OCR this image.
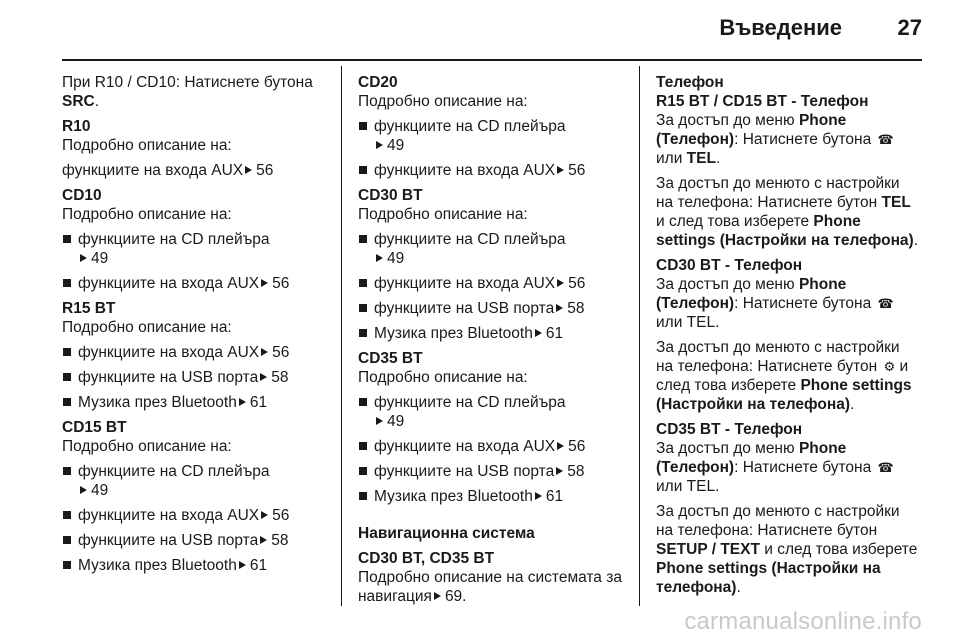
Въведение	27
При R10 / CD10: Натиснете бутона SRC.
R10
Подробно описание на:
функциите на входа AUX 56
CD10
Подробно описание на:
функциите на CD плейъра
49
функциите на входа AUX 56
R15 BT
Подробно описание на:
функциите на входа AUX 56
функциите на USB порта 58
Музика през Bluetooth 61
CD15 BT
Подробно описание на:
функциите на CD плейъра
49
функциите на входа AUX 56
функциите на USB порта 58
Музика през Bluetooth 61
CD20
Подробно описание на:
функциите на CD плейъра
49
функциите на входа AUX 56
CD30 BT
Подробно описание на:
функциите на CD плейъра
49
функциите на входа AUX 56
функциите на USB порта 58
Музика през Bluetooth 61
CD35 BT
Подробно описание на:
функциите на CD плейъра
49
функциите на входа AUX 56
функциите на USB порта 58
Музика през Bluetooth 61
Навигационна система
CD30 BT, CD35 BT
Подробно описание на системата за навигация 69.
Телефон
R15 BT / CD15 BT - Телефон
За достъп до меню Phone (Телефон): Натиснете бутона ☎ или TEL.
За достъп до менюто с настройки на телефона: Натиснете бутон TEL и след това изберете Phone settings (Настройки на телефона).
CD30 BT - Телефон
За достъп до меню Phone (Телефон): Натиснете бутона ☎ или TEL.
За достъп до менюто с настройки на телефона: Натиснете бутон ⚙ и след това изберете Phone settings (Настройки на телефона).
CD35 BT - Телефон
За достъп до меню Phone (Телефон): Натиснете бутона ☎ или TEL.
За достъп до менюто с настройки на телефона: Натиснете бутон SETUP / TEXT и след това изберете Phone settings (Настройки на телефона).
carmanualsonline.info
